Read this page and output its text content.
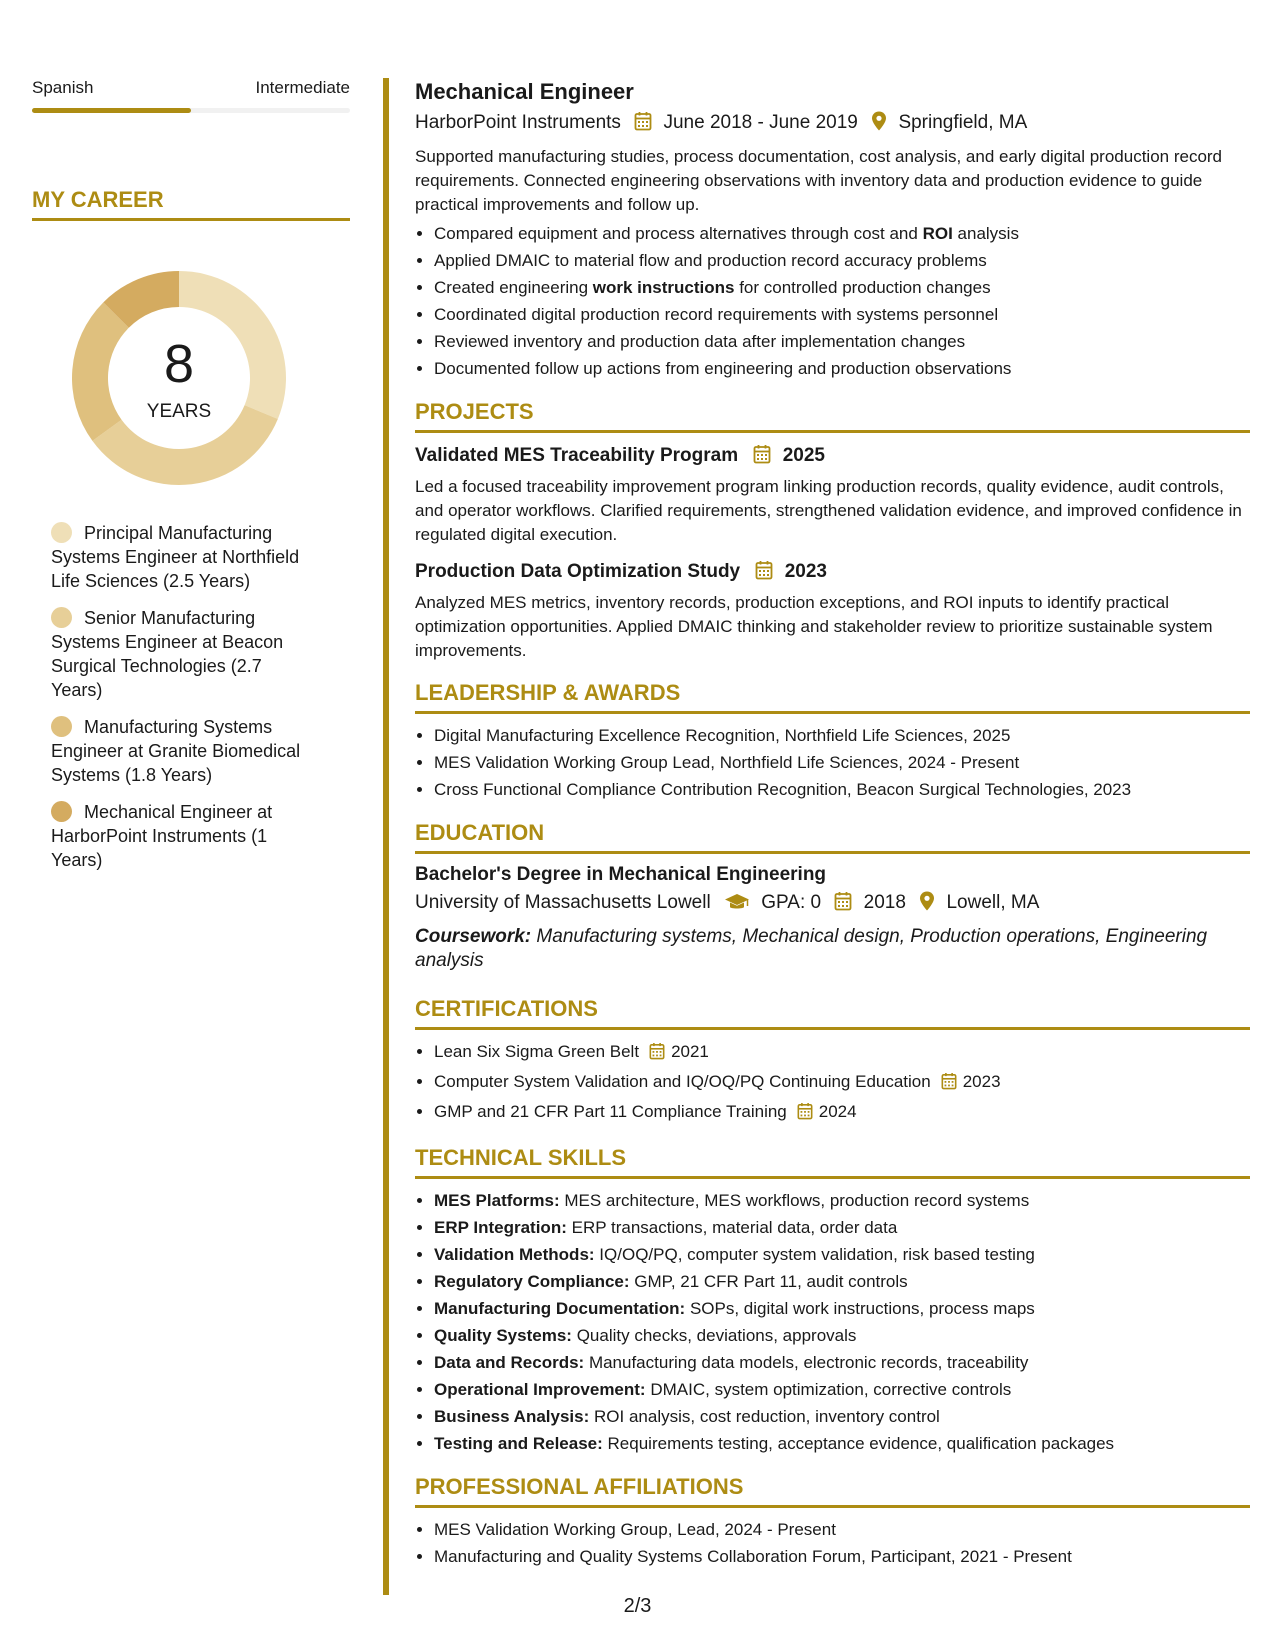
Spanish	Intermediate
MY CAREER
8
YEARS
Principal Manufacturing Systems Engineer at Northfield Life Sciences (2.5 Years)
Senior Manufacturing Systems Engineer at Beacon Surgical Technologies (2.7 Years)
Manufacturing Systems Engineer at Granite Biomedical Systems (1.8 Years)
Mechanical Engineer at HarborPoint Instruments (1 Years)
Mechanical Engineer
HarborPoint Instruments June 2018 - June 2019 Springfield, MA
Supported manufacturing studies, process documentation, cost analysis, and early digital production record requirements. Connected engineering observations with inventory data and production evidence to guide practical improvements and follow up.
• Compared equipment and process alternatives through cost and ROI analysis
• Applied DMAIC to material flow and production record accuracy problems
• Created engineering work instructions for controlled production changes
• Coordinated digital production record requirements with systems personnel
• Reviewed inventory and production data after implementation changes
• Documented follow up actions from engineering and production observations
PROJECTS
Validated MES Traceability Program 2025
Led a focused traceability improvement program linking production records, quality evidence, audit controls, and operator workflows. Clarified requirements, strengthened validation evidence, and improved confidence in regulated digital execution.
Production Data Optimization Study 2023
Analyzed MES metrics, inventory records, production exceptions, and ROI inputs to identify practical optimization opportunities. Applied DMAIC thinking and stakeholder review to prioritize sustainable system improvements.
LEADERSHIP & AWARDS
• Digital Manufacturing Excellence Recognition, Northfield Life Sciences, 2025
• MES Validation Working Group Lead, Northfield Life Sciences, 2024 - Present
• Cross Functional Compliance Contribution Recognition, Beacon Surgical Technologies, 2023
EDUCATION
Bachelor's Degree in Mechanical Engineering
University of Massachusetts Lowell	GPA: 0 2018 Lowell, MA
Coursework: Manufacturing systems, Mechanical design, Production operations, Engineering analysis
CERTIFICATIONS
• Lean Six Sigma Green Belt 2021
• Computer System Validation and IQ/OQ/PQ Continuing Education 2023
• GMP and 21 CFR Part 11 Compliance Training 2024
TECHNICAL SKILLS
• MES Platforms: MES architecture, MES workflows, production record systems
• ERP Integration: ERP transactions, material data, order data
• Validation Methods: IQ/OQ/PQ, computer system validation, risk based testing
• Regulatory Compliance: GMP, 21 CFR Part 11, audit controls
• Manufacturing Documentation: SOPs, digital work instructions, process maps
• Quality Systems: Quality checks, deviations, approvals
• Data and Records: Manufacturing data models, electronic records, traceability
• Operational Improvement: DMAIC, system optimization, corrective controls
• Business Analysis: ROI analysis, cost reduction, inventory control
• Testing and Release: Requirements testing, acceptance evidence, qualification packages
PROFESSIONAL AFFILIATIONS
• MES Validation Working Group, Lead, 2024 - Present
• Manufacturing and Quality Systems Collaboration Forum, Participant, 2021 - Present
2/3
